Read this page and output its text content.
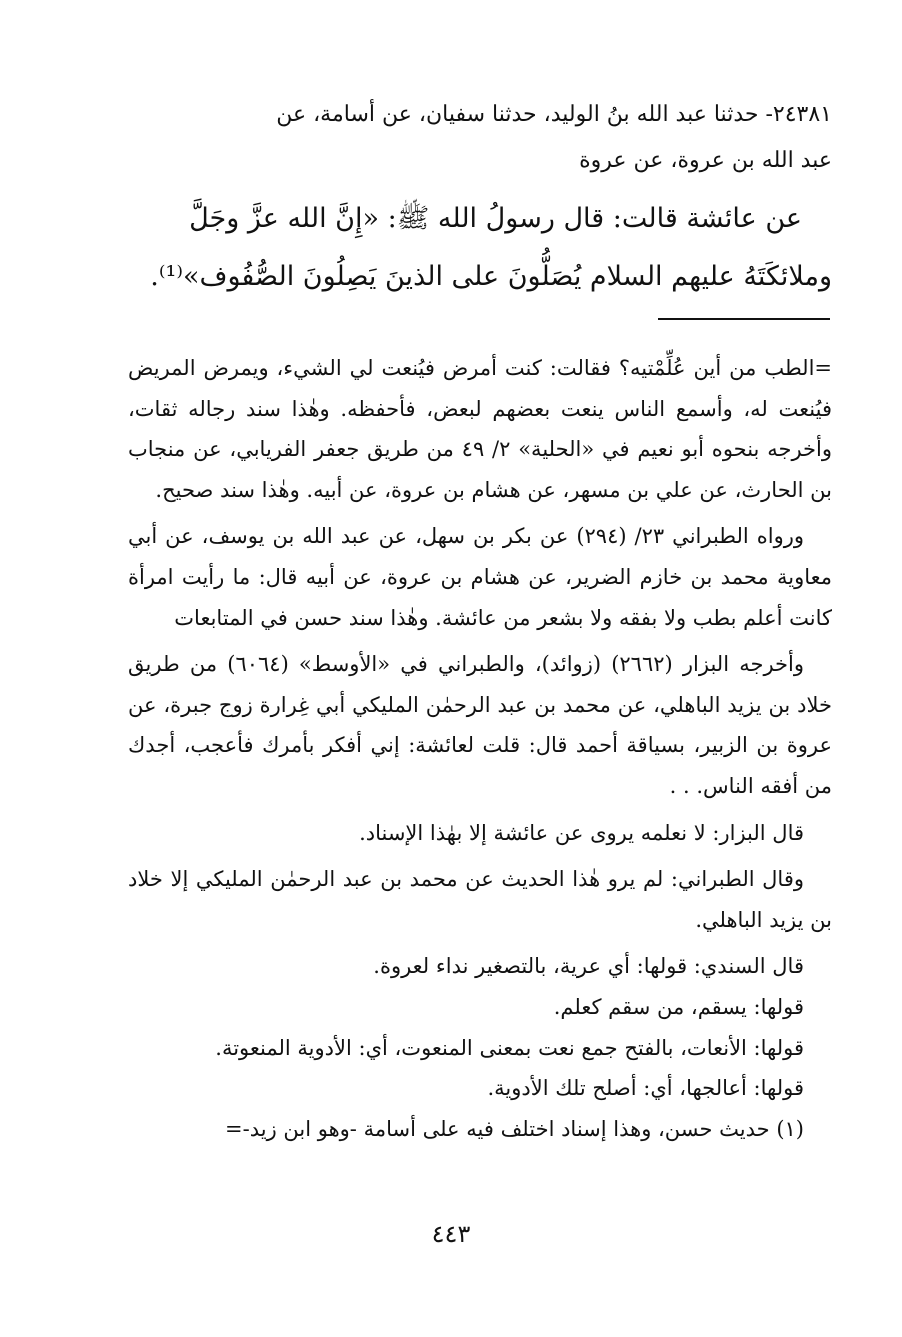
٢٤٣٨١- حدثنا عبد الله بنُ الوليد، حدثنا سفيان، عن أسامة، عن

عبد الله بن عروة، عن عروة

عن عائشة قالت: قال رسولُ الله ﷺ: «إِنَّ الله عزَّ وجَلَّ

وملائكَتَهُ عليهم السلام يُصَلُّونَ على الذينَ يَصِلُونَ الصُّفُوف»⁽¹⁾.

=الطب من أين عُلِّمْتيه؟ فقالت: كنت أمرض فيُنعت لي الشيء، ويمرض المريض فيُنعت له، وأسمع الناس ينعت بعضهم لبعض، فأحفظه. وهٰذا سند رجاله ثقات، وأخرجه بنحوه أبو نعيم في «الحلية» ٢/ ٤٩ من طريق جعفر الفريابي، عن منجاب بن الحارث، عن علي بن مسهر، عن هشام بن عروة، عن أبيه. وهٰذا سند صحيح.

ورواه الطبراني ٢٣/ (٢٩٤) عن بكر بن سهل، عن عبد الله بن يوسف، عن أبي معاوية محمد بن خازم الضرير، عن هشام بن عروة، عن أبيه قال: ما رأيت امرأة كانت أعلم بطب ولا بفقه ولا بشعر من عائشة. وهٰذا سند حسن في المتابعات

وأخرجه البزار (٢٦٦٢) (زوائد)، والطبراني في «الأوسط» (٦٠٦٤) من طريق خلاد بن يزيد الباهلي، عن محمد بن عبد الرحمٰن المليكي أبي غِرارة زوج جبرة، عن عروة بن الزبير، بسياقة أحمد قال: قلت لعائشة: إني أفكر بأمرك فأعجب، أجدك من أفقه الناس. . .

قال البزار: لا نعلمه يروى عن عائشة إلا بهٰذا الإسناد.

وقال الطبراني: لم يرو هٰذا الحديث عن محمد بن عبد الرحمٰن المليكي إلا خلاد بن يزيد الباهلي.

قال السندي: قولها: أي عرية، بالتصغير نداء لعروة.

قولها: يسقم، من سقم كعلم.

قولها: الأنعات، بالفتح جمع نعت بمعنى المنعوت، أي: الأدوية المنعوتة.

قولها: أعالجها، أي: أصلح تلك الأدوية.

(١) حديث حسن، وهذا إسناد اختلف فيه على أسامة -وهو ابن زيد-=

٤٤٣
